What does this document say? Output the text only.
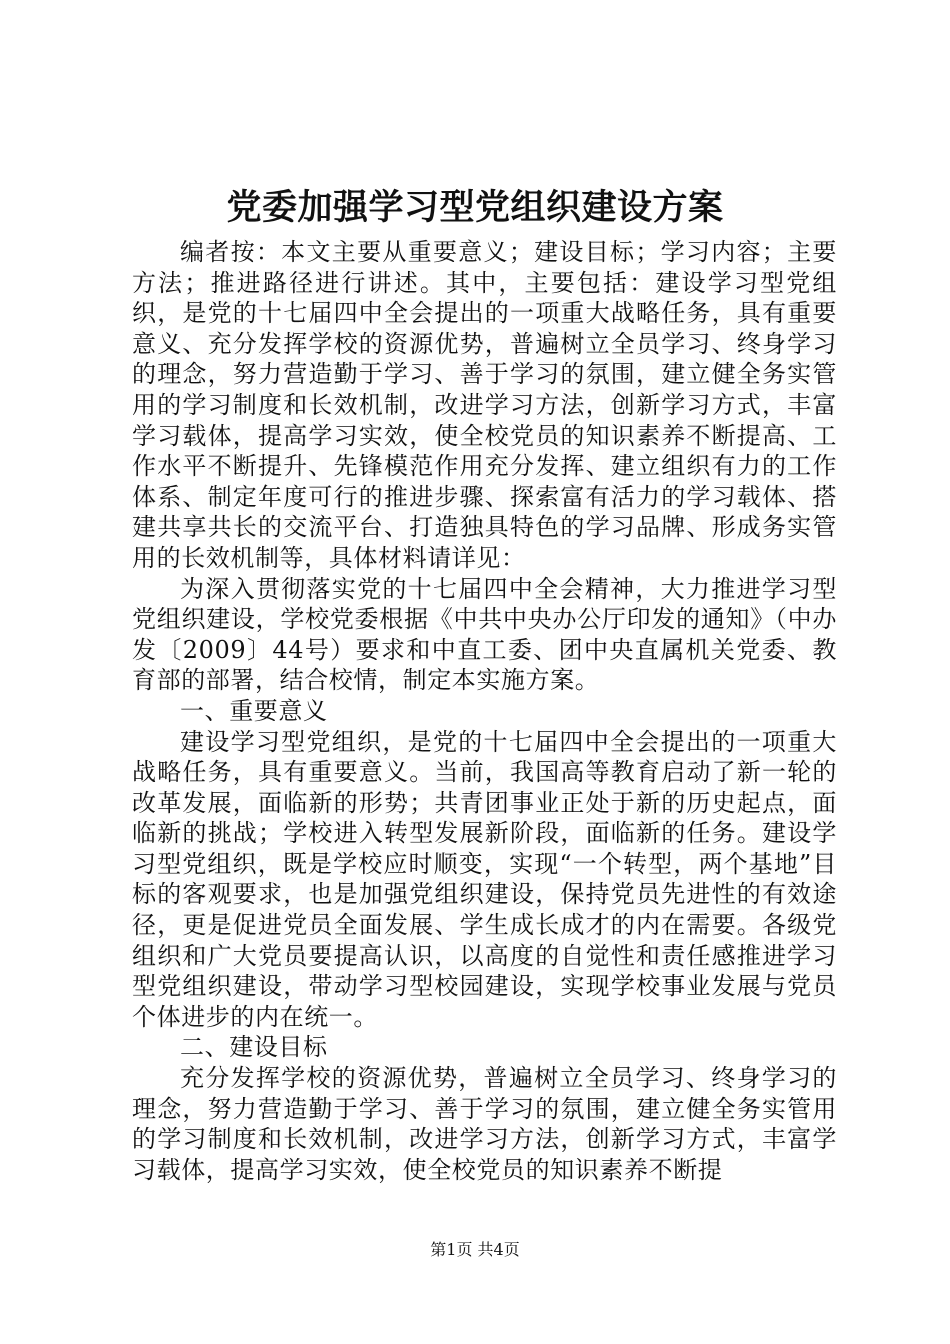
党委加强学习型党组织建设方案

编者按：本文主要从重要意义；建设目标；学习内容；主要方法；推进路径进行讲述。其中，主要包括：建设学习型党组织，是党的十七届四中全会提出的一项重大战略任务，具有重要意义、充分发挥学校的资源优势，普遍树立全员学习、终身学习的理念，努力营造勤于学习、善于学习的氛围，建立健全务实管用的学习制度和长效机制，改进学习方法，创新学习方式，丰富学习载体，提高学习实效，使全校党员的知识素养不断提高、工作水平不断提升、先锋模范作用充分发挥、建立组织有力的工作体系、制定年度可行的推进步骤、探索富有活力的学习载体、搭建共享共长的交流平台、打造独具特色的学习品牌、形成务实管用的长效机制等，具体材料请详见：

为深入贯彻落实党的十七届四中全会精神，大力推进学习型党组织建设，学校党委根据《中共中央办公厅印发的通知》（中办发〔2009〕44号）要求和中直工委、团中央直属机关党委、教育部的部署，结合校情，制定本实施方案。

一、重要意义

建设学习型党组织，是党的十七届四中全会提出的一项重大战略任务，具有重要意义。当前，我国高等教育启动了新一轮的改革发展，面临新的形势；共青团事业正处于新的历史起点，面临新的挑战；学校进入转型发展新阶段，面临新的任务。建设学习型党组织，既是学校应时顺变，实现“一个转型，两个基地”目标的客观要求，也是加强党组织建设，保持党员先进性的有效途径，更是促进党员全面发展、学生成长成才的内在需要。各级党组织和广大党员要提高认识，以高度的自觉性和责任感推进学习型党组织建设，带动学习型校园建设，实现学校事业发展与党员个体进步的内在统一。

二、建设目标

充分发挥学校的资源优势，普遍树立全员学习、终身学习的理念，努力营造勤于学习、善于学习的氛围，建立健全务实管用的学习制度和长效机制，改进学习方法，创新学习方式，丰富学习载体，提高学习实效，使全校党员的知识素养不断提

第1页 共4页
